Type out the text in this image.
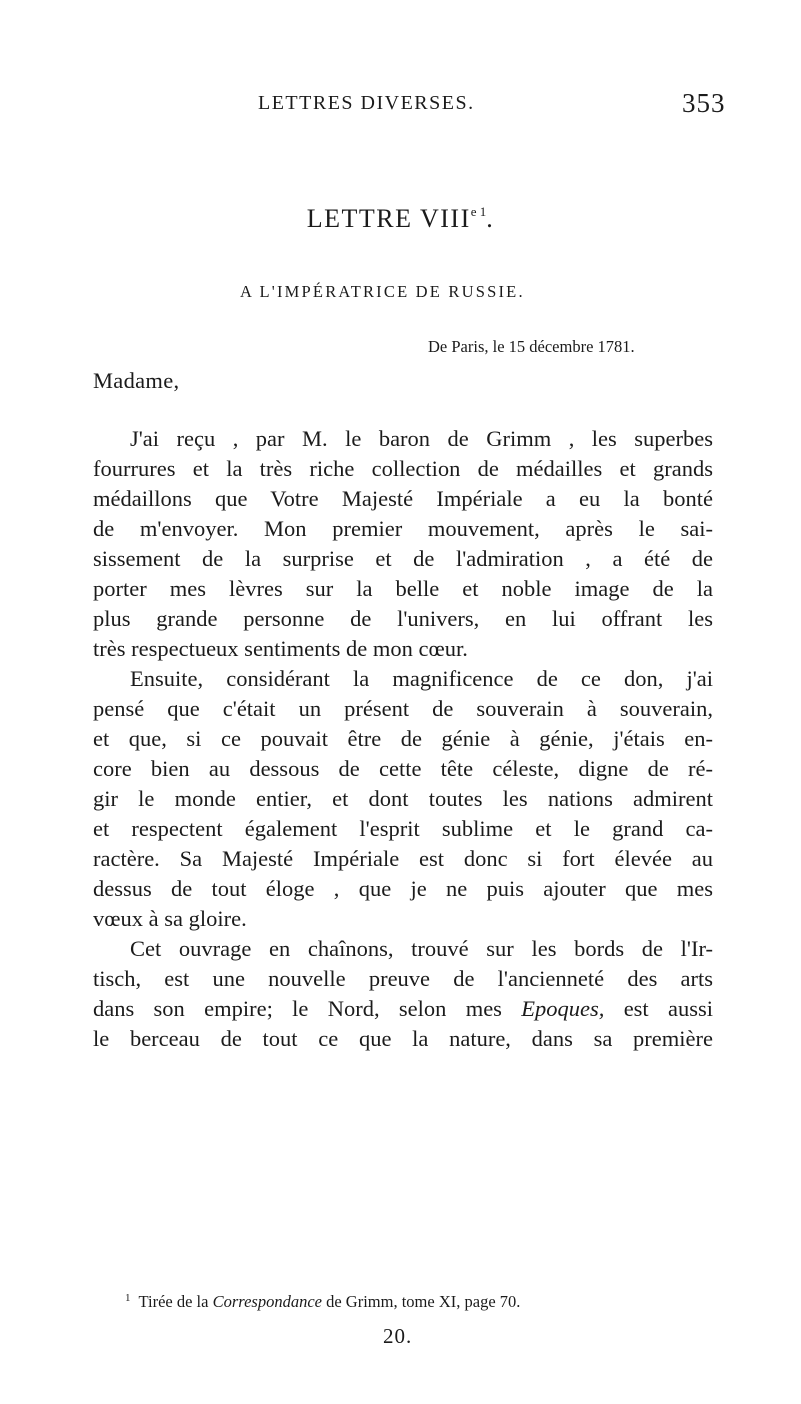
LETTRES DIVERSES.	353
LETTRE $VIII^{e 1}$.
A L'IMPÉRATRICE DE RUSSIE.
De Paris, le 15 décembre 1781.
Madame,
J'ai reçu , par M. le baron de Grimm , les superbes
fourrures et la très riche collection de médailles et grands
médaillons que Votre Majesté Impériale a eu la bonté
de m'envoyer. Mon premier mouvement, après le sai-
sissement de la surprise et de l'admiration , a été de
porter mes lèvres sur la belle et noble image de la
plus grande personne de l'univers, en lui offrant les
très respectueux sentiments de mon cœur.
Ensuite, considérant la magnificence de ce don, j'ai
pensé que c'était un présent de souverain à souverain,
et que, si ce pouvait être de génie à génie, j'étais en-
core bien au dessous de cette tête céleste, digne de ré-
gir le monde entier, et dont toutes les nations admirent
et respectent également l'esprit sublime et le grand ca-
ractère. Sa Majesté Impériale est donc si fort élevée au
dessus de tout éloge , que je ne puis ajouter que mes
vœux à sa gloire.
Cet ouvrage en chaînons, trouvé sur les bords de l'Ir-
tisch, est une nouvelle preuve de l'ancienneté des arts
dans son empire; le Nord, selon mes Epoques, est aussi
le berceau de tout ce que la nature, dans sa première
$^1$ Tirée de la Correspondance de Grimm, tome XI, page 70.
20.
